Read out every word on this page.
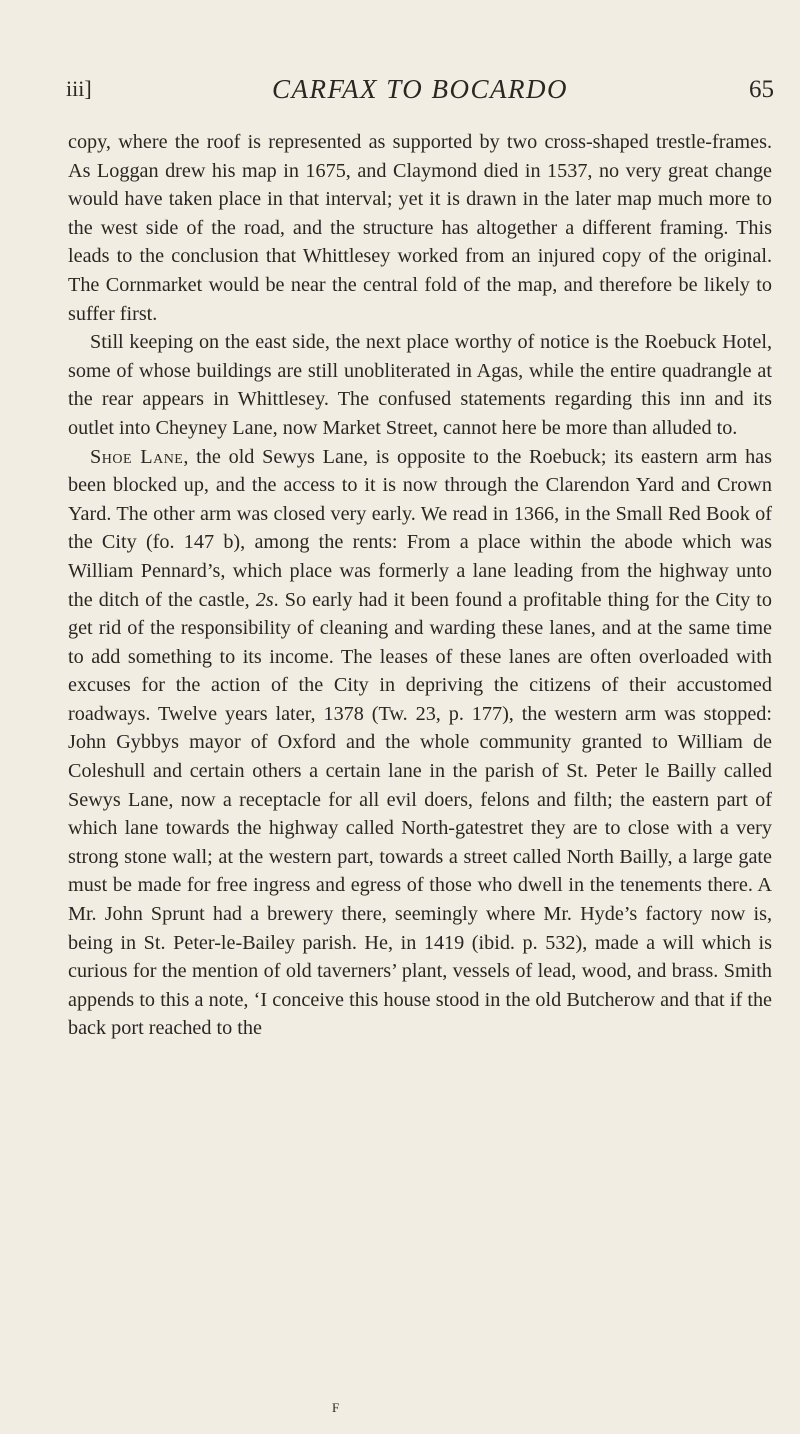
iii]	CARFAX TO BOCARDO	65

copy, where the roof is represented as supported by two cross-shaped trestle-frames. As Loggan drew his map in 1675, and Claymond died in 1537, no very great change would have taken place in that interval; yet it is drawn in the later map much more to the west side of the road, and the structure has altogether a different framing. This leads to the conclusion that Whittlesey worked from an injured copy of the original. The Cornmarket would be near the central fold of the map, and therefore be likely to suffer first.

Still keeping on the east side, the next place worthy of notice is the Roebuck Hotel, some of whose buildings are still unobliterated in Agas, while the entire quadrangle at the rear appears in Whittlesey. The confused statements regarding this inn and its outlet into Cheyney Lane, now Market Street, cannot here be more than alluded to.

Shoe Lane, the old Sewys Lane, is opposite to the Roebuck; its eastern arm has been blocked up, and the access to it is now through the Clarendon Yard and Crown Yard. The other arm was closed very early. We read in 1366, in the Small Red Book of the City (fo. 147 b), among the rents: From a place within the abode which was William Pennard’s, which place was formerly a lane leading from the highway unto the ditch of the castle, 2s. So early had it been found a profitable thing for the City to get rid of the responsibility of cleaning and warding these lanes, and at the same time to add something to its income. The leases of these lanes are often overloaded with excuses for the action of the City in depriving the citizens of their accustomed roadways. Twelve years later, 1378 (Tw. 23, p. 177), the western arm was stopped: John Gybbys mayor of Oxford and the whole community granted to William de Coleshull and certain others a certain lane in the parish of St. Peter le Bailly called Sewys Lane, now a receptacle for all evil doers, felons and filth; the eastern part of which lane towards the highway called North-gatestret they are to close with a very strong stone wall; at the western part, towards a street called North Bailly, a large gate must be made for free ingress and egress of those who dwell in the tenements there. A Mr. John Sprunt had a brewery there, seemingly where Mr. Hyde’s factory now is, being in St. Peter-le-Bailey parish. He, in 1419 (ibid. p. 532), made a will which is curious for the mention of old taverners’ plant, vessels of lead, wood, and brass. Smith appends to this a note, ‘I conceive this house stood in the old Butcherow and that if the back port reached to the

F
